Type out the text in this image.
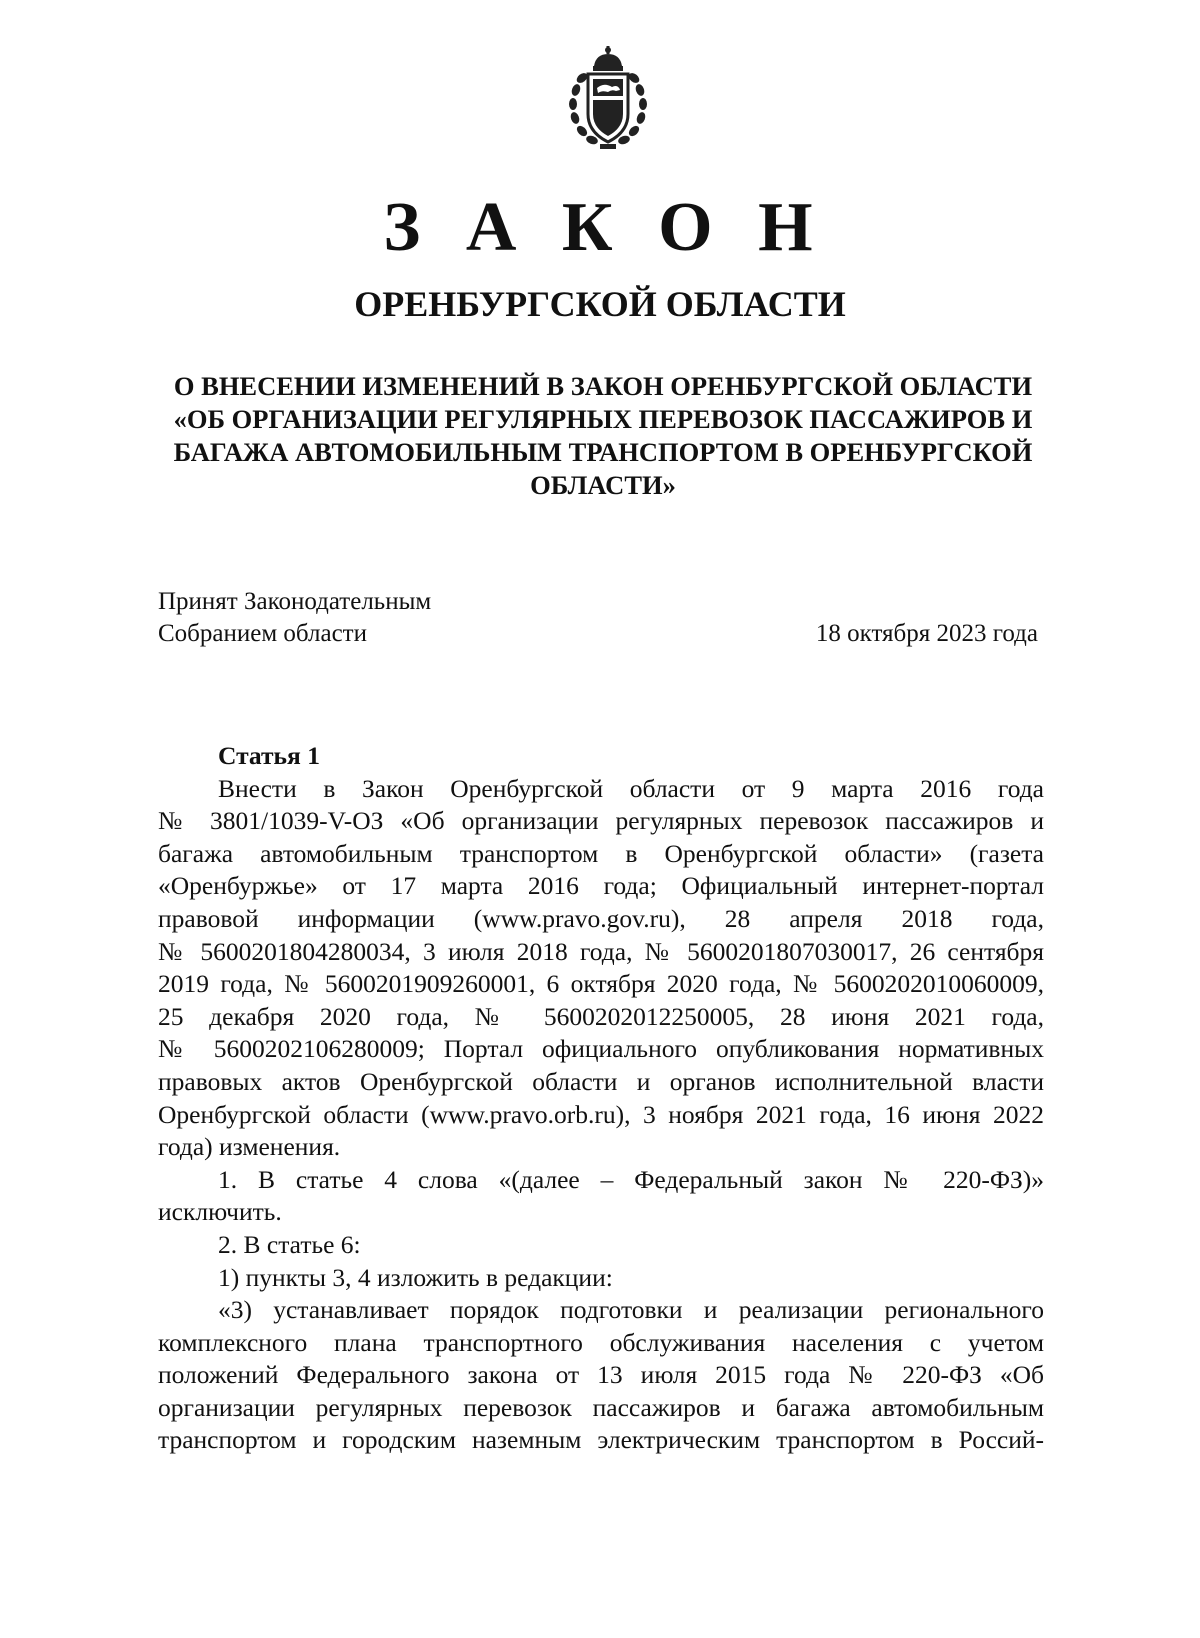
З А К О Н
ОРЕНБУРГСКОЙ ОБЛАСТИ
О ВНЕСЕНИИ ИЗМЕНЕНИЙ В ЗАКОН ОРЕНБУРГСКОЙ ОБЛАСТИ
«ОБ ОРГАНИЗАЦИИ РЕГУЛЯРНЫХ ПЕРЕВОЗОК ПАССАЖИРОВ И
БАГАЖА АВТОМОБИЛЬНЫМ ТРАНСПОРТОМ В ОРЕНБУРГСКОЙ
ОБЛАСТИ»
Принят Законодательным
Собранием области	18 октября 2023 года
Статья 1
Внести в Закон Оренбургской области от 9 марта 2016 года
№ 3801/1039-V-ОЗ «Об организации регулярных перевозок пассажиров и
багажа автомобильным транспортом в Оренбургской области» (газета
«Оренбуржье» от 17 марта 2016 года; Официальный интернет-портал
правовой информации (www.pravo.gov.ru), 28 апреля 2018 года,
№ 5600201804280034, 3 июля 2018 года, № 5600201807030017, 26 сентября
2019 года, № 5600201909260001, 6 октября 2020 года, № 5600202010060009,
25 декабря 2020 года, № 5600202012250005, 28 июня 2021 года,
№ 5600202106280009; Портал официального опубликования нормативных
правовых актов Оренбургской области и органов исполнительной власти
Оренбургской области (www.pravo.orb.ru), 3 ноября 2021 года, 16 июня 2022
года) изменения.
1. В статье 4 слова «(далее – Федеральный закон № 220-ФЗ)»
исключить.
2. В статье 6:
1) пункты 3, 4 изложить в редакции:
«3) устанавливает порядок подготовки и реализации регионального
комплексного плана транспортного обслуживания населения с учетом
положений Федерального закона от 13 июля 2015 года № 220-ФЗ «Об
организации регулярных перевозок пассажиров и багажа автомобильным
транспортом и городским наземным электрическим транспортом в Россий-
